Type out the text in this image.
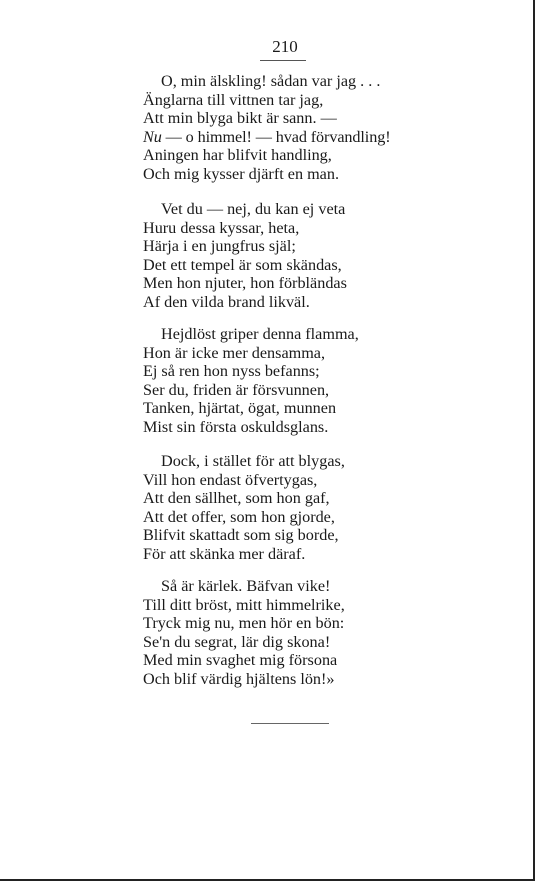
210
O, min älskling! sådan var jag . . .
Änglarna till vittnen tar jag,
Att min blyga bikt är sann. —
Nu — o himmel! — hvad förvandling!
Aningen har blifvit handling,
Och mig kysser djärft en man.
Vet du — nej, du kan ej veta
Huru dessa kyssar, heta,
Härja i en jungfrus själ;
Det ett tempel är som skändas,
Men hon njuter, hon förbländas
Af den vilda brand likväl.
Hejdlöst griper denna flamma,
Hon är icke mer densamma,
Ej så ren hon nyss befanns;
Ser du, friden är försvunnen,
Tanken, hjärtat, ögat, munnen
Mist sin första oskuldsglans.
Dock, i stället för att blygas,
Vill hon endast öfvertygas,
Att den sällhet, som hon gaf,
Att det offer, som hon gjorde,
Blifvit skattadt som sig borde,
För att skänka mer däraf.
Så är kärlek. Bäfvan vike!
Till ditt bröst, mitt himmelrike,
Tryck mig nu, men hör en bön:
Se'n du segrat, lär dig skona!
Med min svaghet mig försona
Och blif värdig hjältens lön!»
